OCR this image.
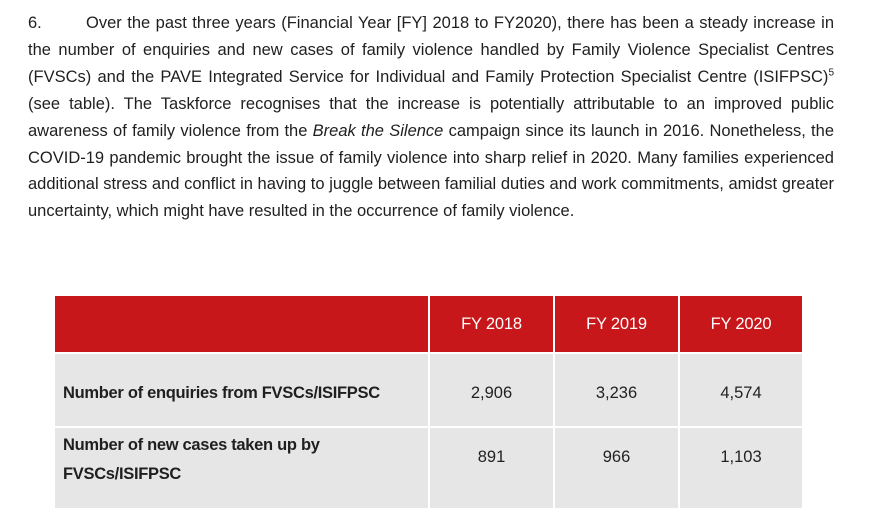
6.	Over the past three years (Financial Year [FY] 2018 to FY2020), there has been a steady increase in the number of enquiries and new cases of family violence handled by Family Violence Specialist Centres (FVSCs) and the PAVE Integrated Service for Individual and Family Protection Specialist Centre (ISIFPSC)$^5$ (see table). The Taskforce recognises that the increase is potentially attributable to an improved public awareness of family violence from the Break the Silence campaign since its launch in 2016. Nonetheless, the COVID-19 pandemic brought the issue of family violence into sharp relief in 2020. Many families experienced additional stress and conflict in having to juggle between familial duties and work commitments, amidst greater uncertainty, which might have resulted in the occurrence of family violence.

	FY 2018	FY 2019	FY 2020

Number of enquiries from FVSCs/ISIFPSC	2,906	3,236	4,574

Number of new cases taken up by
FVSCs/ISIFPSC	891	966	1,103
